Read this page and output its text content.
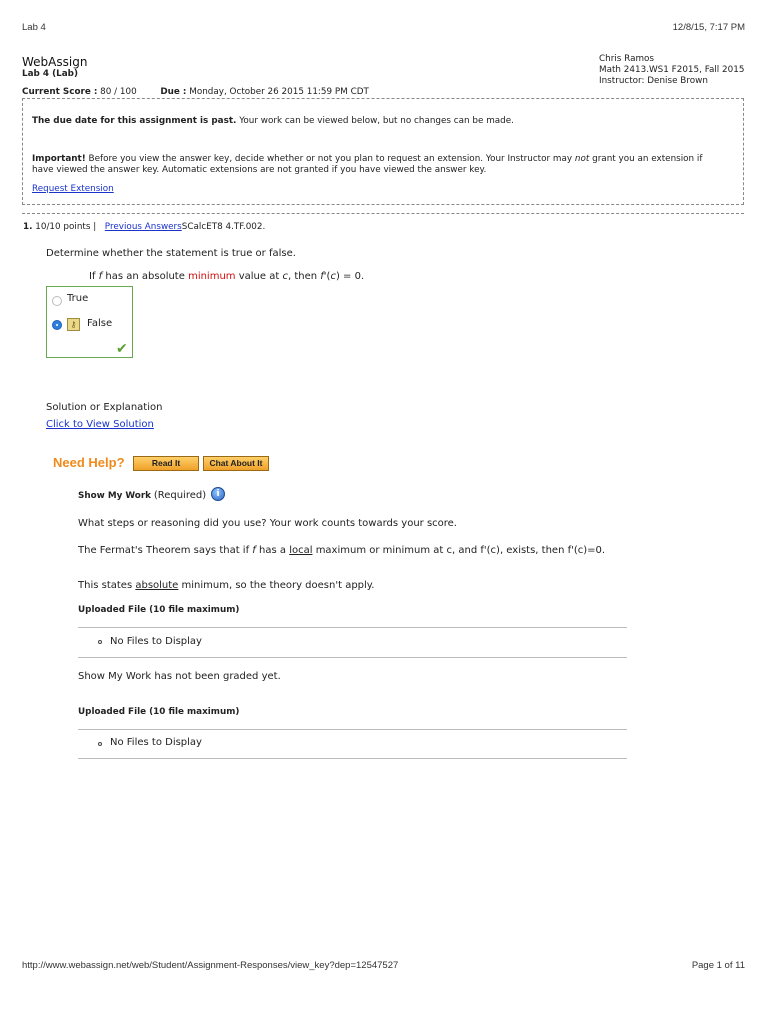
Lab 4	12/8/15, 7:17 PM
WebAssign
Lab 4 (Lab)
Current Score : 80 / 100	Due : Monday, October 26 2015 11:59 PM CDT
Chris Ramos
Math 2413.WS1 F2015, Fall 2015
Instructor: Denise Brown
The due date for this assignment is past. Your work can be viewed below, but no changes can be made.
Important! Before you view the answer key, decide whether or not you plan to request an extension. Your Instructor may not grant you an extension if
have viewed the answer key. Automatic extensions are not granted if you have viewed the answer key.
Request Extension
1. 10/10 points | Previous AnswersSCalcET8 4.TF.002.
Determine whether the statement is true or false.
If f has an absolute minimum value at c, then f'(c) = 0.
True
⚷	False
✔
Solution or Explanation
Click to View Solution
Need Help?	Read It	Chat About It
Show My Work (Required)	i
What steps or reasoning did you use? Your work counts towards your score.
The Fermat's Theorem says that if f has a local maximum or minimum at c, and f'(c), exists, then f'(c)=0.
This states absolute minimum, so the theory doesn't apply.
Uploaded File (10 file maximum)
No Files to Display
Show My Work has not been graded yet.
Uploaded File (10 file maximum)
No Files to Display
http://www.webassign.net/web/Student/Assignment-Responses/view_key?dep=12547527	Page 1 of 11
